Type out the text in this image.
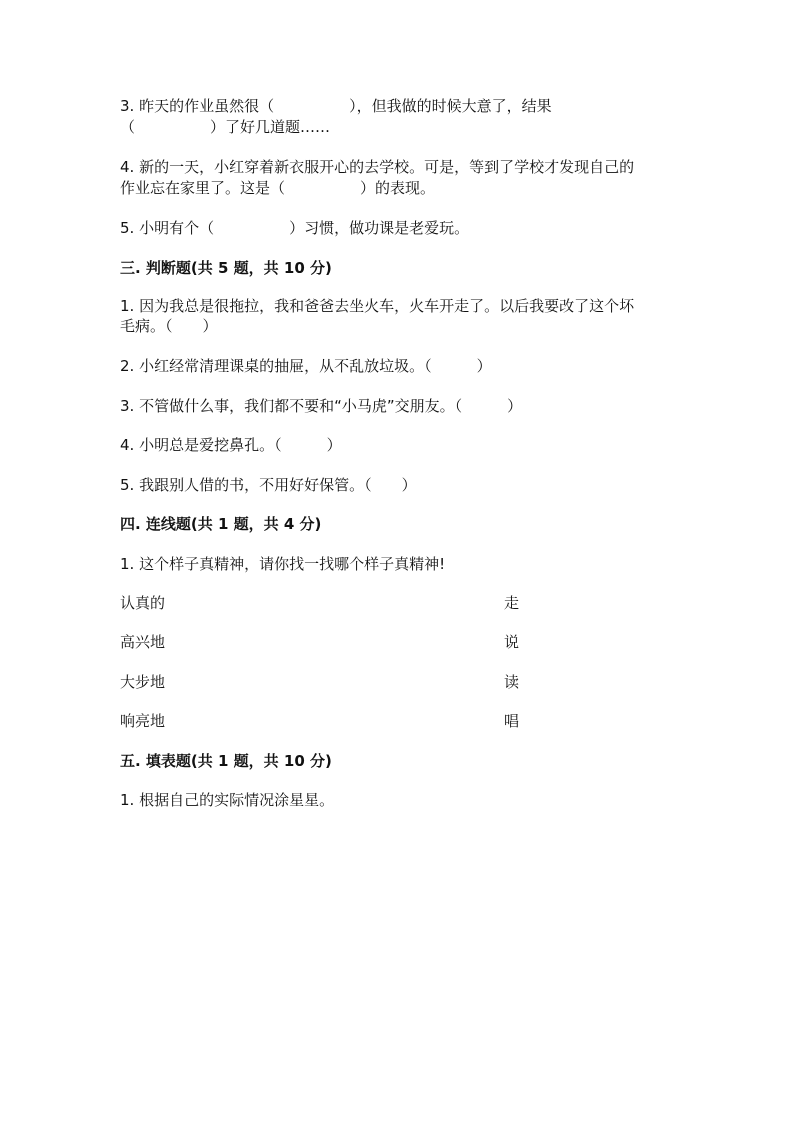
3. 昨天的作业虽然很（　　　　　），但我做的时候大意了，结果
（　　　　　）了好几道题……
4. 新的一天，小红穿着新衣服开心的去学校。可是，等到了学校才发现自己的
作业忘在家里了。这是（　　　　　）的表现。
5. 小明有个（　　　　　）习惯，做功课是老爱玩。
三. 判断题(共 5 题，共 10 分)
1. 因为我总是很拖拉，我和爸爸去坐火车，火车开走了。以后我要改了这个坏
毛病。（　　）
2. 小红经常清理课桌的抽屉，从不乱放垃圾。（　　　）
3. 不管做什么事，我们都不要和“小马虎”交朋友。（　　　）
4. 小明总是爱挖鼻孔。（　　　）
5. 我跟别人借的书，不用好好保管。（　　）
四. 连线题(共 1 题，共 4 分)
1. 这个样子真精神，请你找一找哪个样子真精神!
认真的	走
高兴地	说
大步地	读
响亮地	唱
五. 填表题(共 1 题，共 10 分)
1. 根据自己的实际情况涂星星。
